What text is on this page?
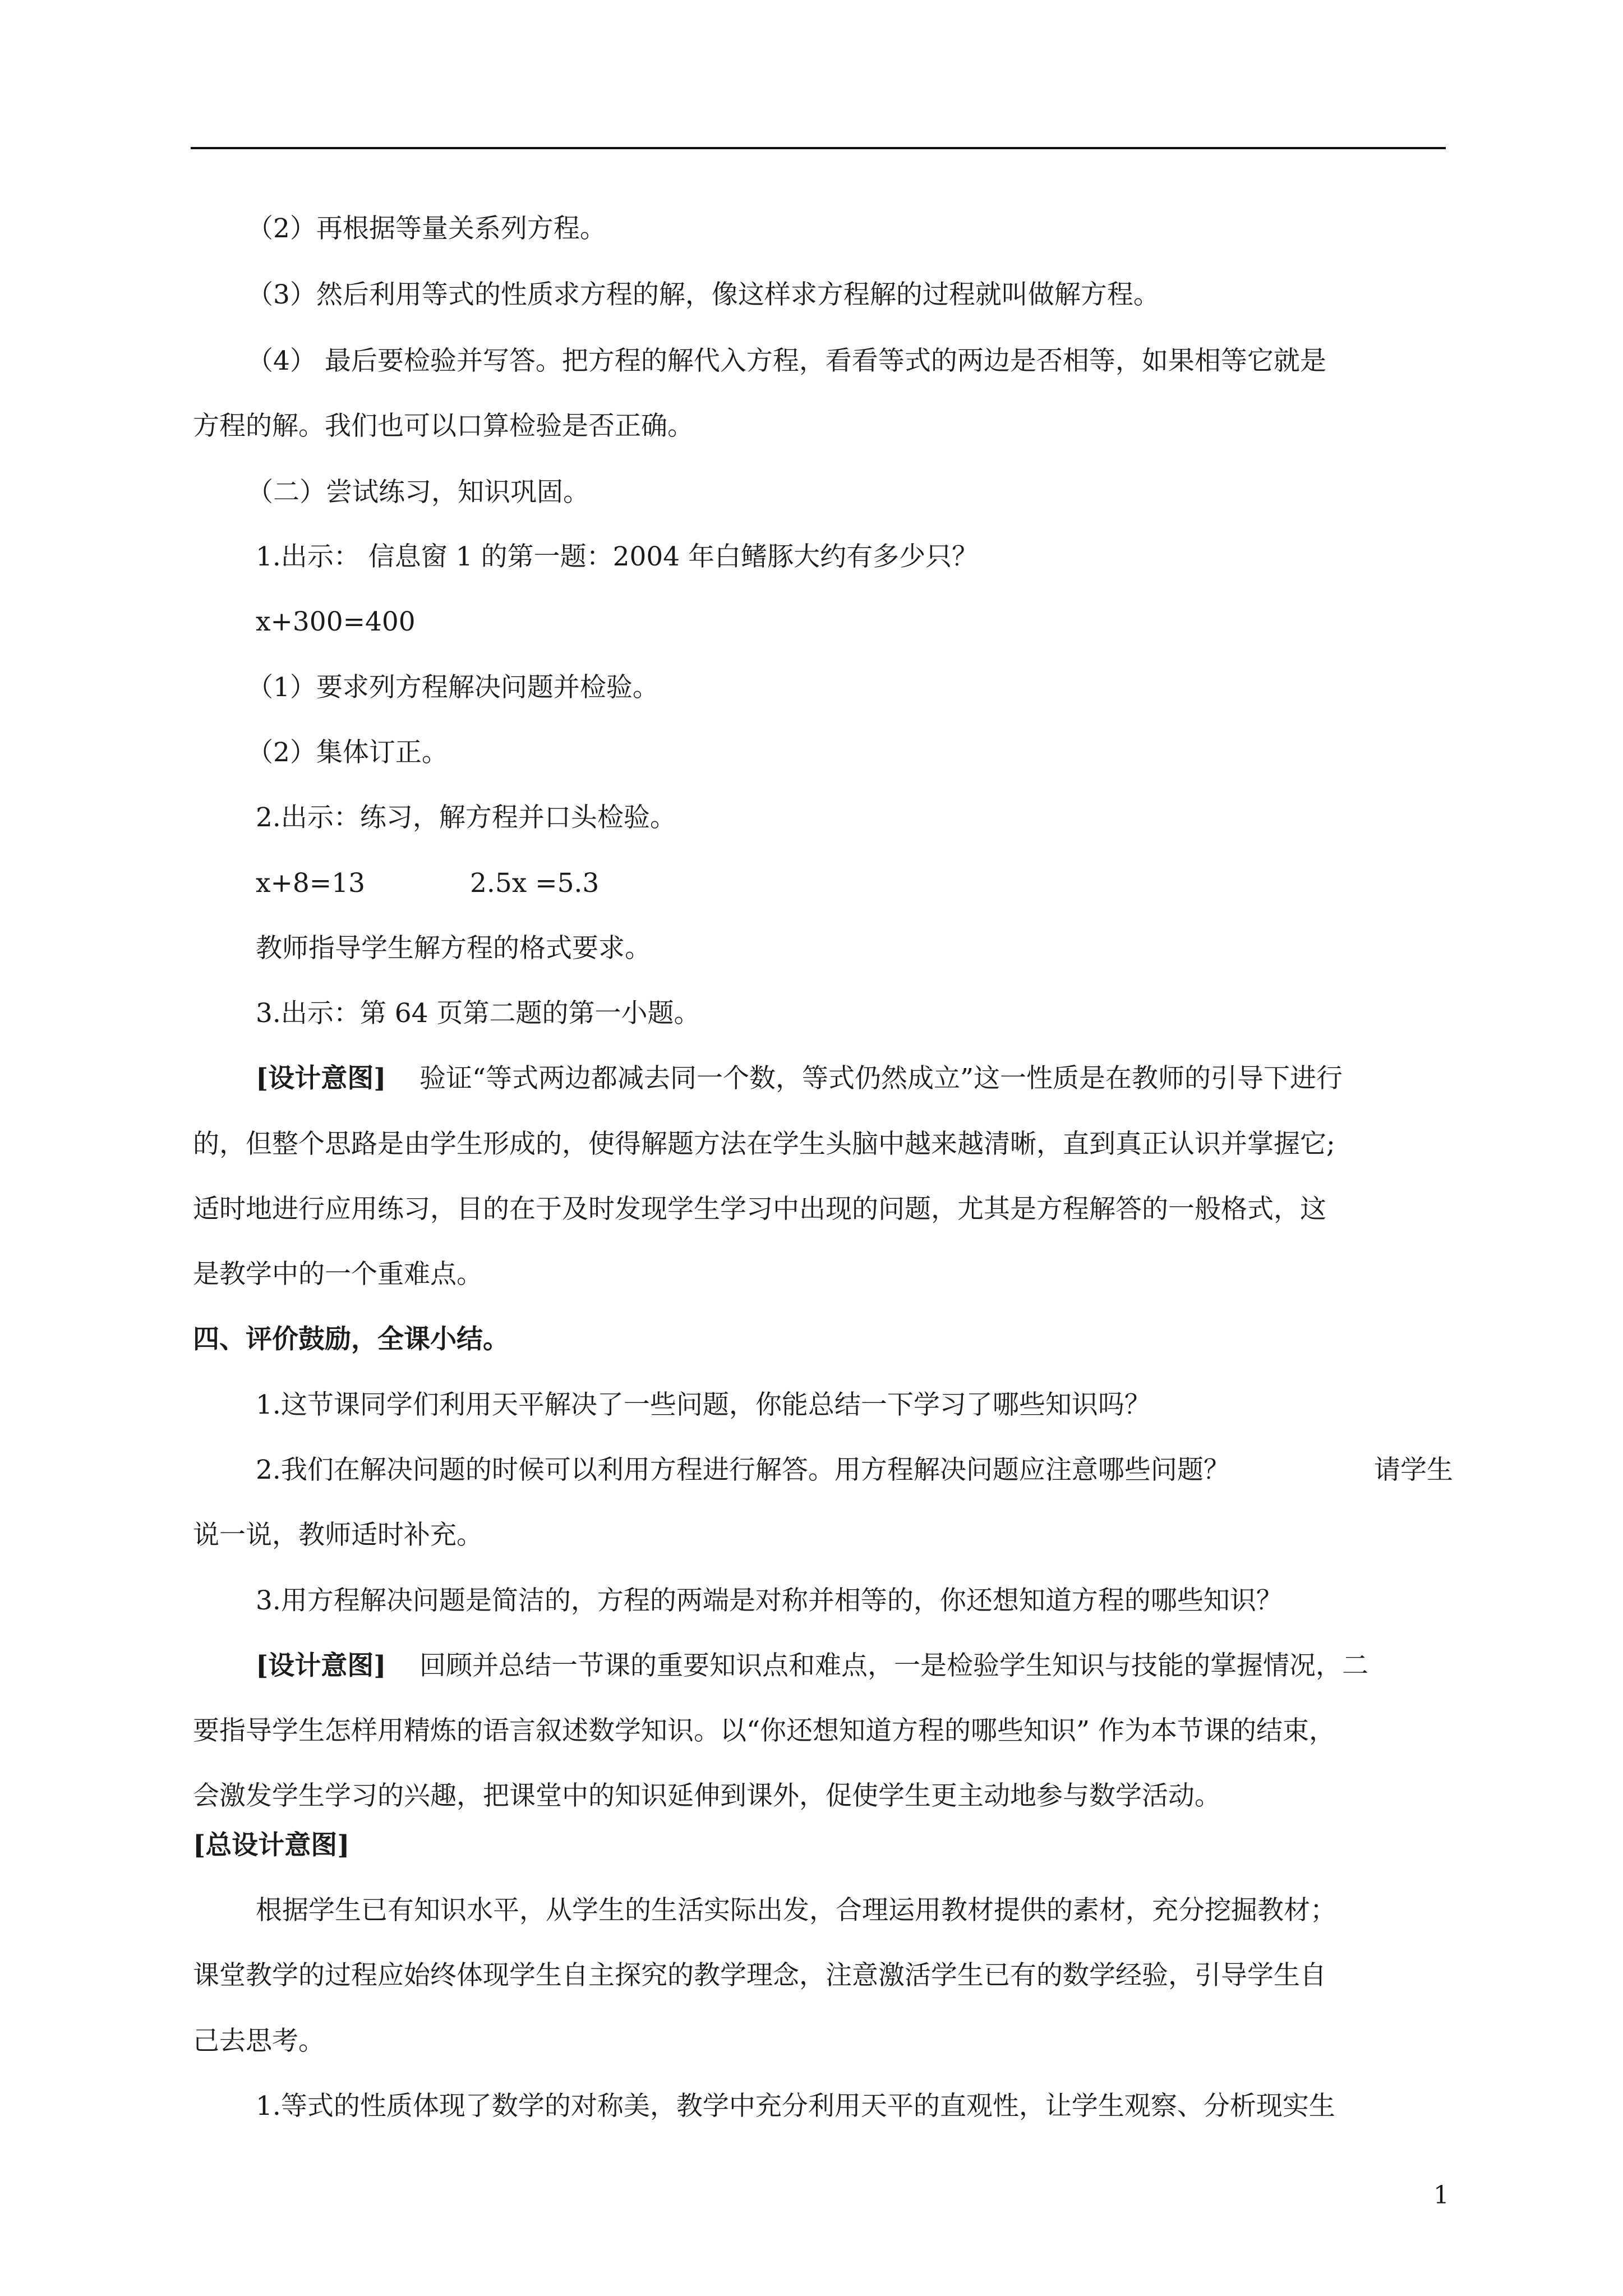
（2）再根据等量关系列方程。
（3）然后利用等式的性质求方程的解，像这样求方程解的过程就叫做解方程。
（4） 最后要检验并写答。把方程的解代入方程，看看等式的两边是否相等，如果相等它就是
方程的解。我们也可以口算检验是否正确。
（二）尝试练习，知识巩固。
1.出示： 信息窗 1 的第一题：2004 年白鳍豚大约有多少只？
x+300=400
（1）要求列方程解决问题并检验。
（2）集体订正。
2.出示：练习，解方程并口头检验。
x+8=13	2.5x =5.3
教师指导学生解方程的格式要求。
3.出示：第 64 页第二题的第一小题。
[设计意图] 验证“等式两边都减去同一个数，等式仍然成立”这一性质是在教师的引导下进行
的，但整个思路是由学生形成的，使得解题方法在学生头脑中越来越清晰，直到真正认识并掌握它;
适时地进行应用练习，目的在于及时发现学生学习中出现的问题，尤其是方程解答的一般格式，这
是教学中的一个重难点。
四、评价鼓励，全课小结。
1.这节课同学们利用天平解决了一些问题，你能总结一下学习了哪些知识吗？
2.我们在解决问题的时候可以利用方程进行解答。用方程解决问题应注意哪些问题？	请学生
说一说，教师适时补充。
3.用方程解决问题是简洁的，方程的两端是对称并相等的，你还想知道方程的哪些知识？
[设计意图] 回顾并总结一节课的重要知识点和难点，一是检验学生知识与技能的掌握情况，二
要指导学生怎样用精炼的语言叙述数学知识。以“你还想知道方程的哪些知识” 作为本节课的结束，
会激发学生学习的兴趣，把课堂中的知识延伸到课外，促使学生更主动地参与数学活动。
[总设计意图]
根据学生已有知识水平，从学生的生活实际出发，合理运用教材提供的素材，充分挖掘教材；
课堂教学的过程应始终体现学生自主探究的教学理念，注意激活学生已有的数学经验，引导学生自
己去思考。
1.等式的性质体现了数学的对称美，教学中充分利用天平的直观性，让学生观察、分析现实生
1
